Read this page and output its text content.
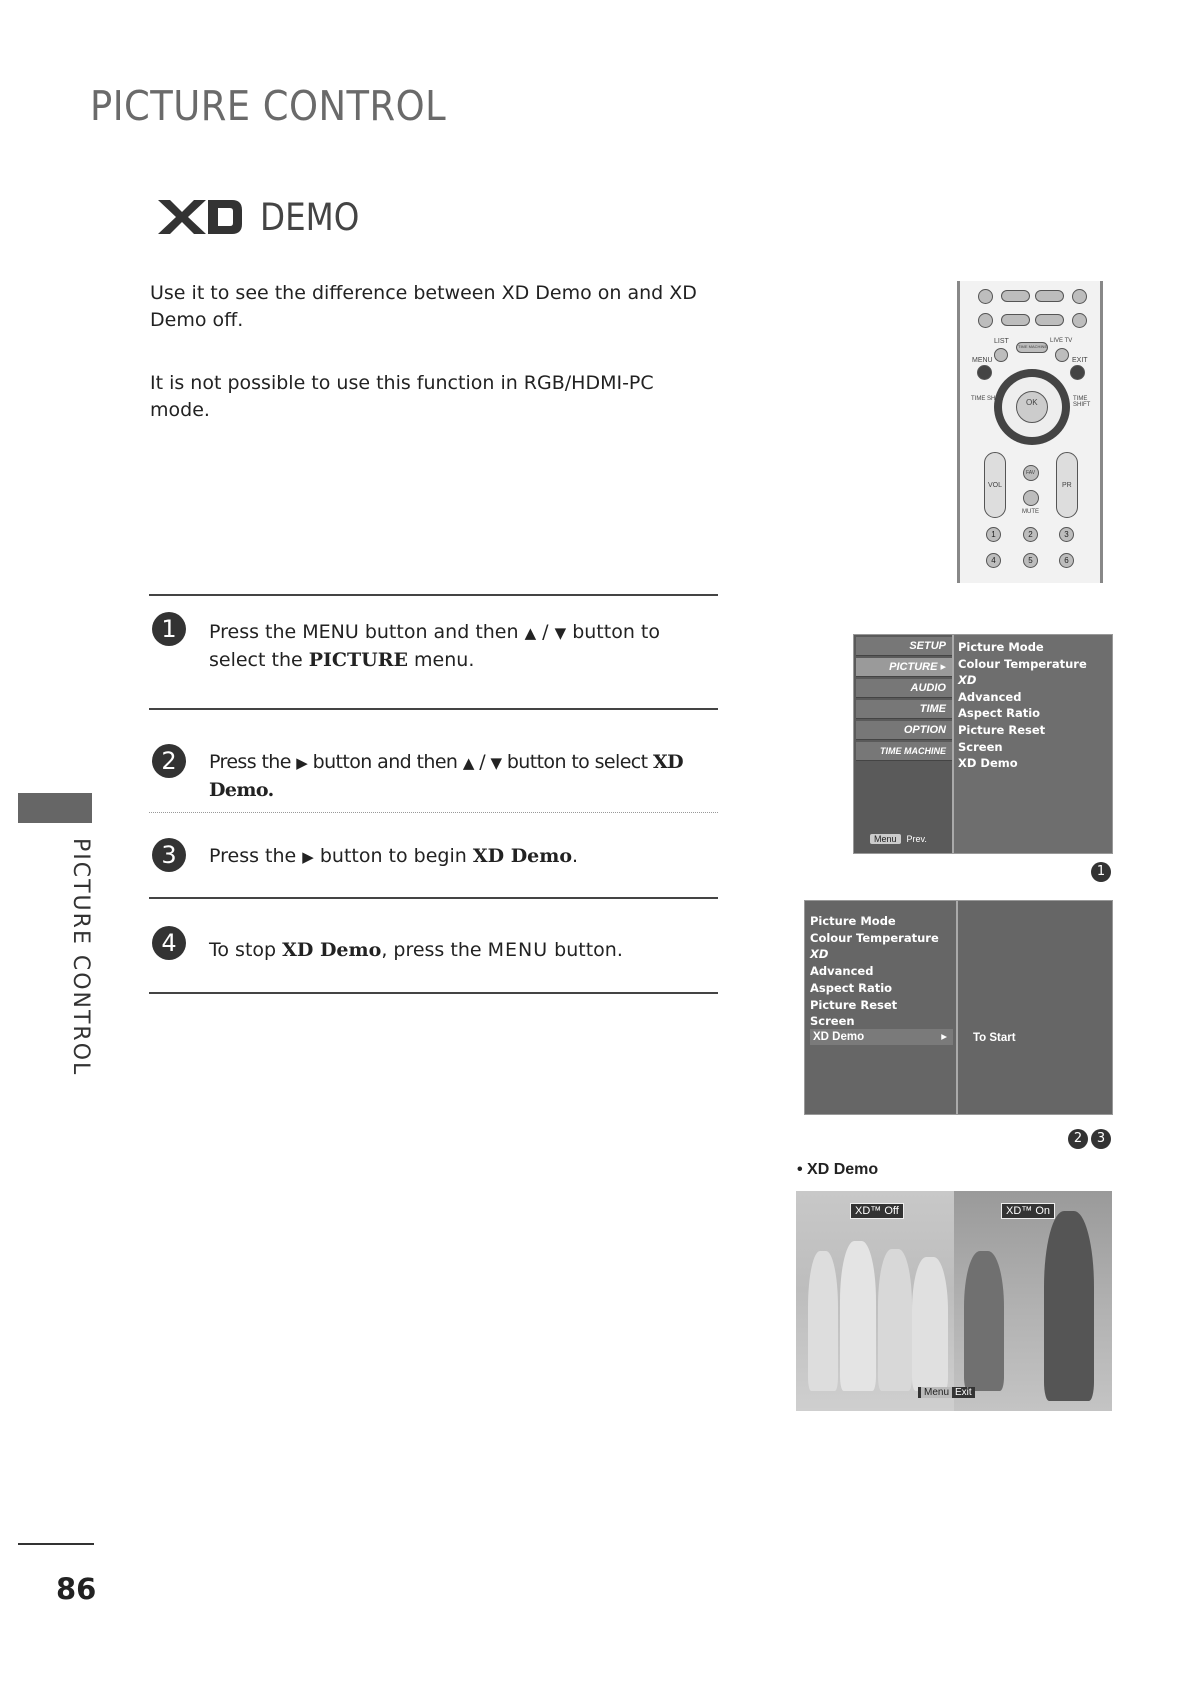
PICTURE CONTROL
DEMO

Use it to see the difference between XD Demo on and XD Demo off.

It is not possible to use this function in RGB/HDMI-PC mode.

1	Press the MENU button and then ▲ / ▼ button to select the PICTURE menu.
2	Press the ▶ button and then ▲ / ▼ button to select XD Demo.
3	Press the ▶ button to begin XD Demo.
4	To stop XD Demo, press the MENU button.
PICTURE CONTROL
86
LIST	LIVE TV
TIME MACHINE
MENU	EXIT
OK
TIME SHIFT	TIME SHIFT
VOL	PR
FAV
MUTE
1	2	3
4	5	6
SETUP
PICTURE ▸
AUDIO
TIME
OPTION
TIME MACHINE
Menu Prev.
Picture Mode
Colour Temperature
XD
Advanced
Aspect Ratio
Picture Reset
Screen
XD Demo
1
Picture Mode
Colour Temperature
XD
Advanced
Aspect Ratio
Picture Reset
Screen
XD Demo	▸ To Start
2	3
• XD Demo
XD™ Off	XD™ On
Menu Exit
